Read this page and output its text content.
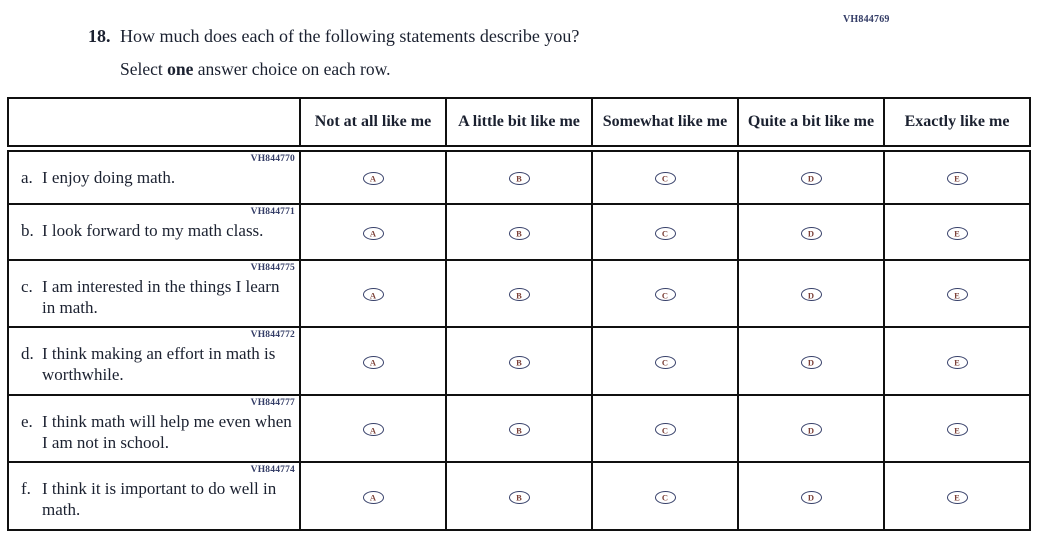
VH844769
18. How much does each of the following statements describe you?
Select one answer choice on each row.
	Not at all like me	A little bit like me	Somewhat like me	Quite a bit like me	Exactly like me

VH844770
a. I enjoy doing math.	A	B	C	D	E

VH844771
b. I look forward to my math class.	A	B	C	D	E

VH844775
c. I am interested in the things I learn in math.	A	B	C	D	E

VH844772
d. I think making an effort in math is worthwhile.	A	B	C	D	E

VH844777
e. I think math will help me even when I am not in school.	A	B	C	D	E

VH844774
f. I think it is important to do well in math.	A	B	C	D	E
